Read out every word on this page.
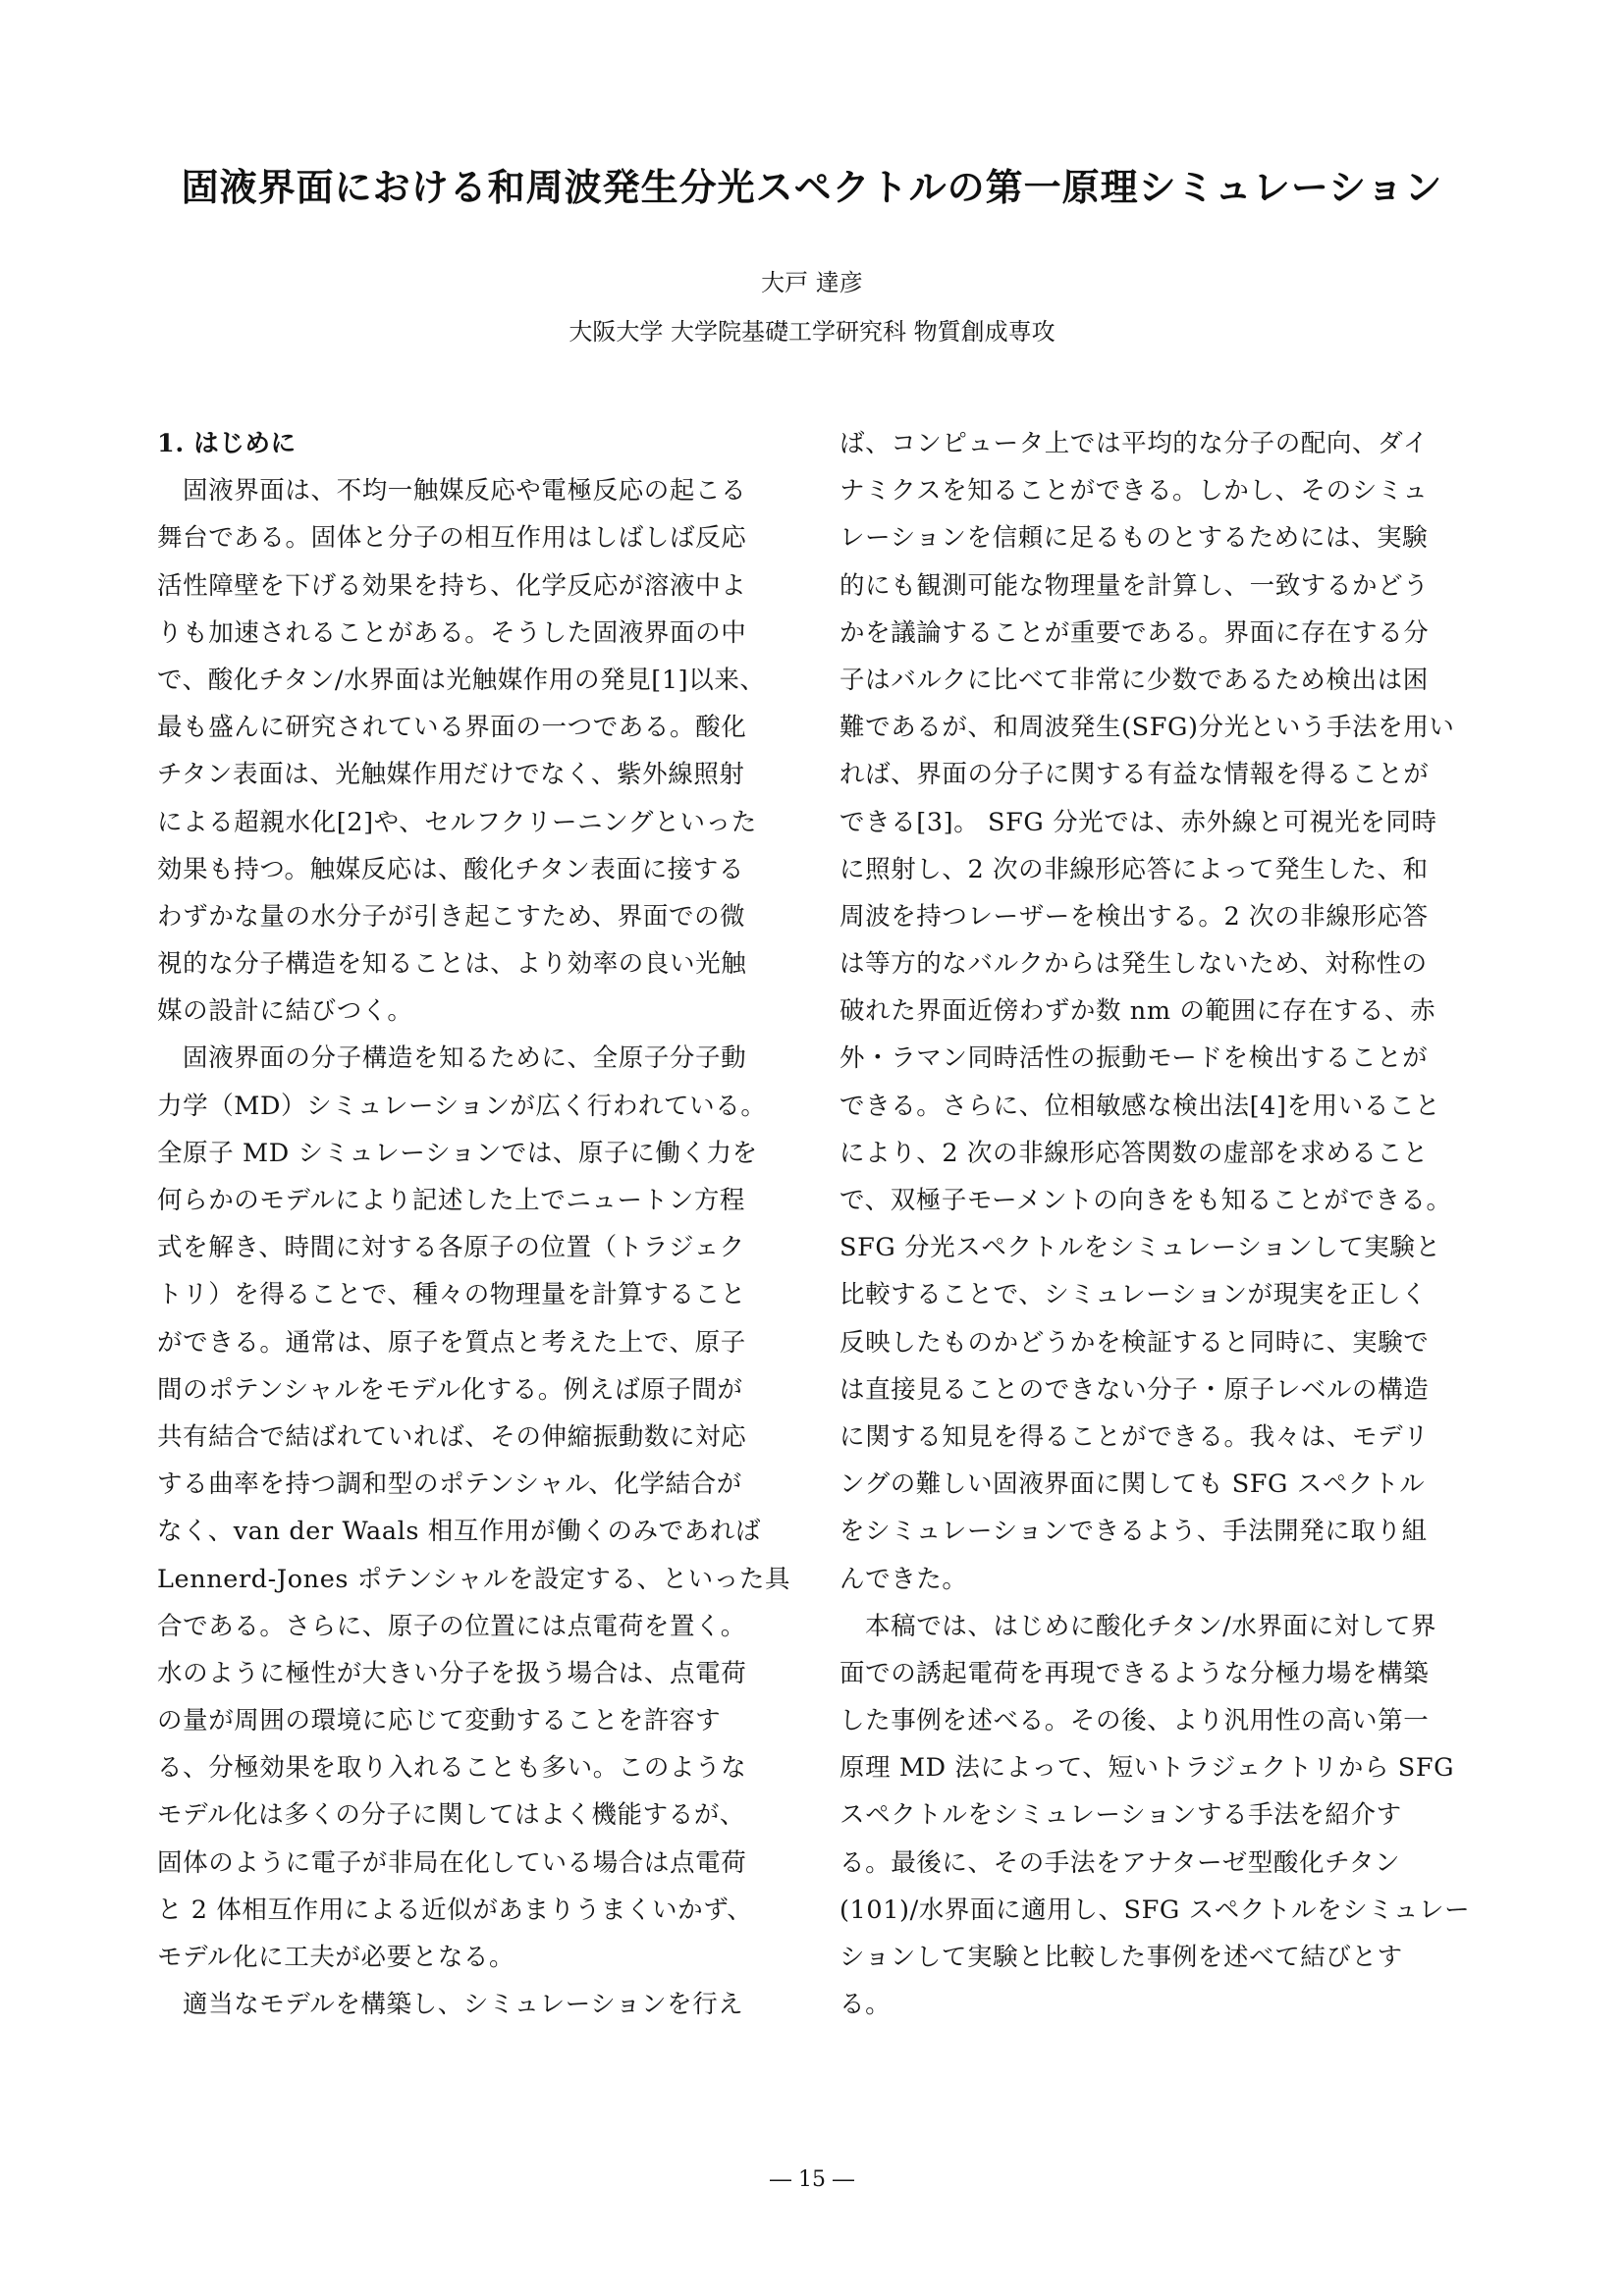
固液界面における和周波発生分光スペクトルの第一原理シミュレーション
大戸 達彦
大阪大学 大学院基礎工学研究科 物質創成専攻
1. はじめに
固液界面は、不均一触媒反応や電極反応の起こる
舞台である。固体と分子の相互作用はしばしば反応
活性障壁を下げる効果を持ち、化学反応が溶液中よ
りも加速されることがある。そうした固液界面の中
で、酸化チタン/水界面は光触媒作用の発見[1]以来、
最も盛んに研究されている界面の一つである。酸化
チタン表面は、光触媒作用だけでなく、紫外線照射
による超親水化[2]や、セルフクリーニングといった
効果も持つ。触媒反応は、酸化チタン表面に接する
わずかな量の水分子が引き起こすため、界面での微
視的な分子構造を知ることは、より効率の良い光触
媒の設計に結びつく。
固液界面の分子構造を知るために、全原子分子動
力学（MD）シミュレーションが広く行われている。
全原子 MD シミュレーションでは、原子に働く力を
何らかのモデルにより記述した上でニュートン方程
式を解き、時間に対する各原子の位置（トラジェク
トリ）を得ることで、種々の物理量を計算すること
ができる。通常は、原子を質点と考えた上で、原子
間のポテンシャルをモデル化する。例えば原子間が
共有結合で結ばれていれば、その伸縮振動数に対応
する曲率を持つ調和型のポテンシャル、化学結合が
なく、van der Waals 相互作用が働くのみであれば
Lennerd-Jones ポテンシャルを設定する、といった具
合である。さらに、原子の位置には点電荷を置く。
水のように極性が大きい分子を扱う場合は、点電荷
の量が周囲の環境に応じて変動することを許容す
る、分極効果を取り入れることも多い。このような
モデル化は多くの分子に関してはよく機能するが、
固体のように電子が非局在化している場合は点電荷
と 2 体相互作用による近似があまりうまくいかず、
モデル化に工夫が必要となる。
適当なモデルを構築し、シミュレーションを行え
ば、コンピュータ上では平均的な分子の配向、ダイ
ナミクスを知ることができる。しかし、そのシミュ
レーションを信頼に足るものとするためには、実験
的にも観測可能な物理量を計算し、一致するかどう
かを議論することが重要である。界面に存在する分
子はバルクに比べて非常に少数であるため検出は困
難であるが、和周波発生(SFG)分光という手法を用い
れば、界面の分子に関する有益な情報を得ることが
できる[3]。 SFG 分光では、赤外線と可視光を同時
に照射し、2 次の非線形応答によって発生した、和
周波を持つレーザーを検出する。2 次の非線形応答
は等方的なバルクからは発生しないため、対称性の
破れた界面近傍わずか数 nm の範囲に存在する、赤
外・ラマン同時活性の振動モードを検出することが
できる。さらに、位相敏感な検出法[4]を用いること
により、2 次の非線形応答関数の虚部を求めること
で、双極子モーメントの向きをも知ることができる。
SFG 分光スペクトルをシミュレーションして実験と
比較することで、シミュレーションが現実を正しく
反映したものかどうかを検証すると同時に、実験で
は直接見ることのできない分子・原子レベルの構造
に関する知見を得ることができる。我々は、モデリ
ングの難しい固液界面に関しても SFG スペクトル
をシミュレーションできるよう、手法開発に取り組
んできた。
本稿では、はじめに酸化チタン/水界面に対して界
面での誘起電荷を再現できるような分極力場を構築
した事例を述べる。その後、より汎用性の高い第一
原理 MD 法によって、短いトラジェクトリから SFG
スペクトルをシミュレーションする手法を紹介す
る。最後に、その手法をアナターゼ型酸化チタン
(101)/水界面に適用し、SFG スペクトルをシミュレー
ションして実験と比較した事例を述べて結びとす
る。
― 15 ―
